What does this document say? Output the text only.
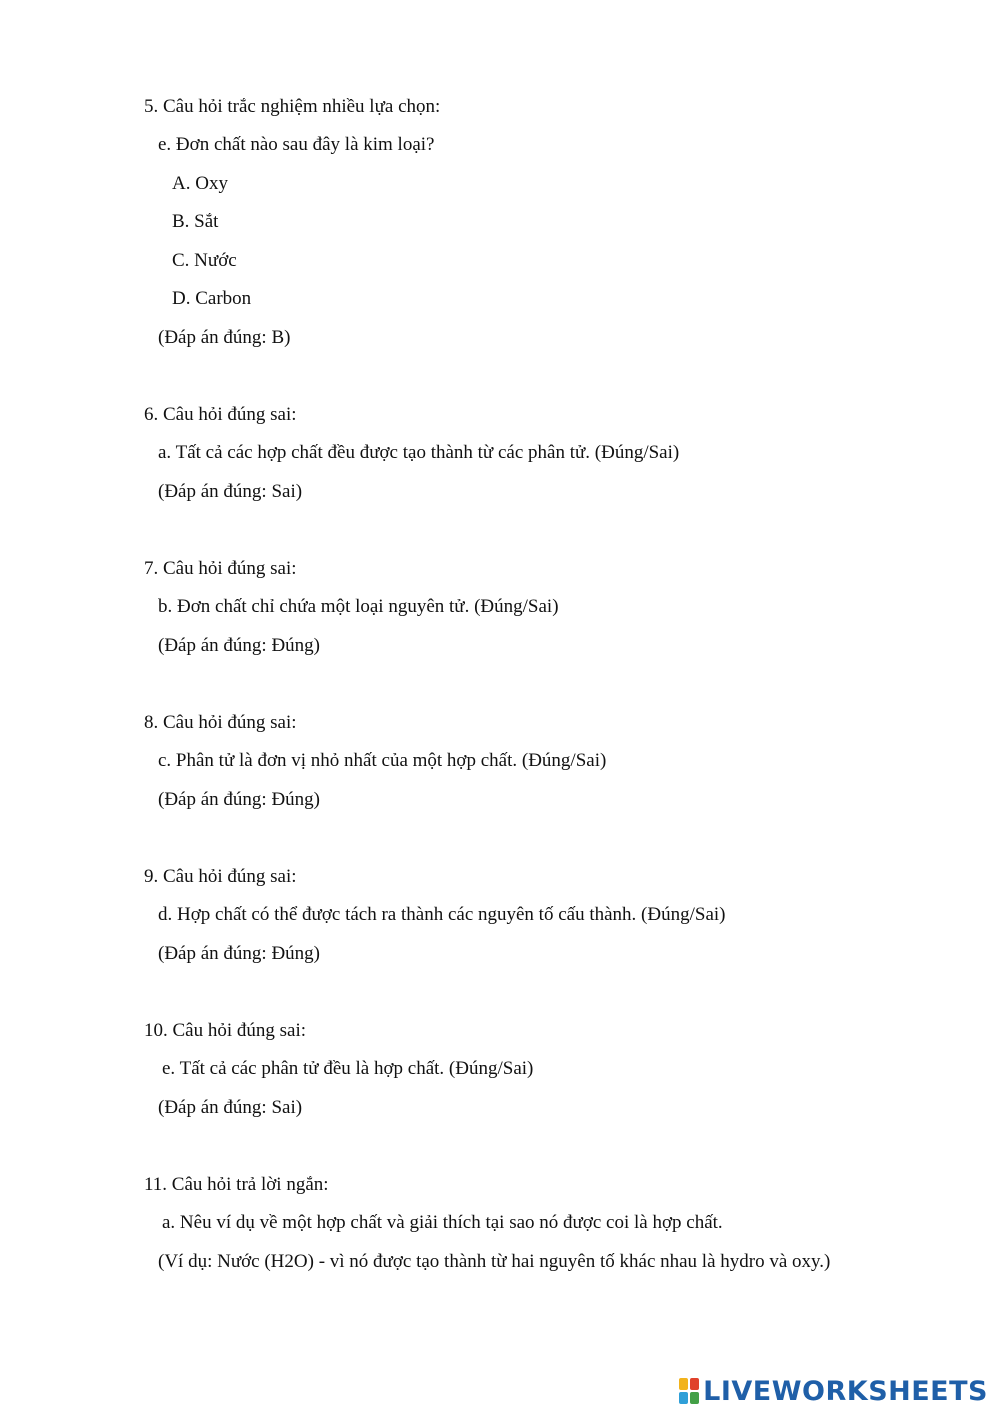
5. Câu hỏi trắc nghiệm nhiều lựa chọn:

e. Đơn chất nào sau đây là kim loại?

A. Oxy

B. Sắt

C. Nước

D. Carbon

(Đáp án đúng: B)

6. Câu hỏi đúng sai:

a. Tất cả các hợp chất đều được tạo thành từ các phân tử. (Đúng/Sai)

(Đáp án đúng: Sai)

7. Câu hỏi đúng sai:

b. Đơn chất chỉ chứa một loại nguyên tử. (Đúng/Sai)

(Đáp án đúng: Đúng)

8. Câu hỏi đúng sai:

c. Phân tử là đơn vị nhỏ nhất của một hợp chất. (Đúng/Sai)

(Đáp án đúng: Đúng)

9. Câu hỏi đúng sai:

d. Hợp chất có thể được tách ra thành các nguyên tố cấu thành. (Đúng/Sai)

(Đáp án đúng: Đúng)

10. Câu hỏi đúng sai:

e. Tất cả các phân tử đều là hợp chất. (Đúng/Sai)

(Đáp án đúng: Sai)

11. Câu hỏi trả lời ngắn:

a. Nêu ví dụ về một hợp chất và giải thích tại sao nó được coi là hợp chất.

(Ví dụ: Nước (H2O) - vì nó được tạo thành từ hai nguyên tố khác nhau là hydro và oxy.)

LIVEWORKSHEETS
